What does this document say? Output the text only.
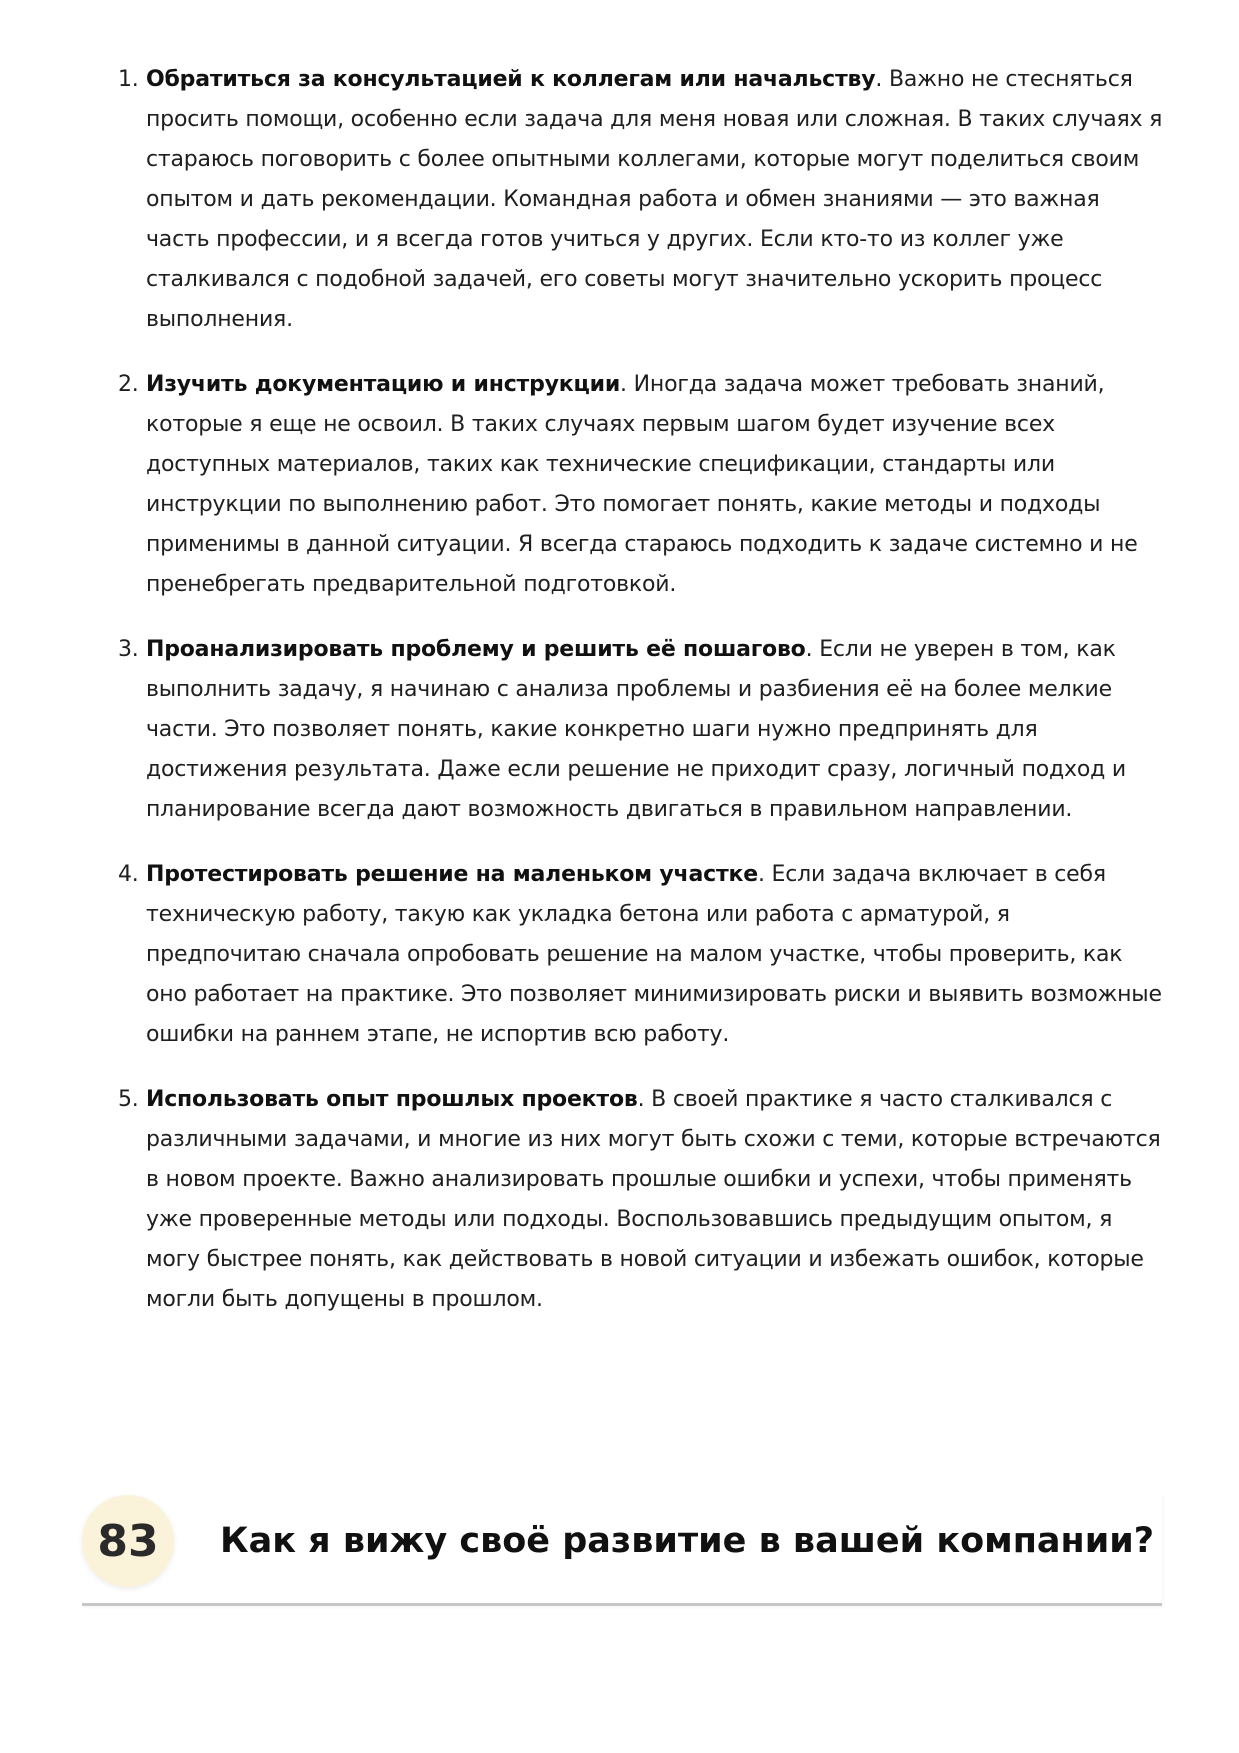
1. Обратиться за консультацией к коллегам или начальству. Важно не стесняться просить помощи, особенно если задача для меня новая или сложная. В таких случаях я стараюсь поговорить с более опытными коллегами, которые могут поделиться своим опытом и дать рекомендации. Командная работа и обмен знаниями — это важная часть профессии, и я всегда готов учиться у других. Если кто-то из коллег уже сталкивался с подобной задачей, его советы могут значительно ускорить процесс выполнения.
2. Изучить документацию и инструкции. Иногда задача может требовать знаний, которые я еще не освоил. В таких случаях первым шагом будет изучение всех доступных материалов, таких как технические спецификации, стандарты или инструкции по выполнению работ. Это помогает понять, какие методы и подходы применимы в данной ситуации. Я всегда стараюсь подходить к задаче системно и не пренебрегать предварительной подготовкой.
3. Проанализировать проблему и решить её пошагово. Если не уверен в том, как выполнить задачу, я начинаю с анализа проблемы и разбиения её на более мелкие части. Это позволяет понять, какие конкретно шаги нужно предпринять для достижения результата. Даже если решение не приходит сразу, логичный подход и планирование всегда дают возможность двигаться в правильном направлении.
4. Протестировать решение на маленьком участке. Если задача включает в себя техническую работу, такую как укладка бетона или работа с арматурой, я предпочитаю сначала опробовать решение на малом участке, чтобы проверить, как оно работает на практике. Это позволяет минимизировать риски и выявить возможные ошибки на раннем этапе, не испортив всю работу.
5. Использовать опыт прошлых проектов. В своей практике я часто сталкивался с различными задачами, и многие из них могут быть схожи с теми, которые встречаются в новом проекте. Важно анализировать прошлые ошибки и успехи, чтобы применять уже проверенные методы или подходы. Воспользовавшись предыдущим опытом, я могу быстрее понять, как действовать в новой ситуации и избежать ошибок, которые могли быть допущены в прошлом.
83	Как я вижу своё развитие в вашей компании?
